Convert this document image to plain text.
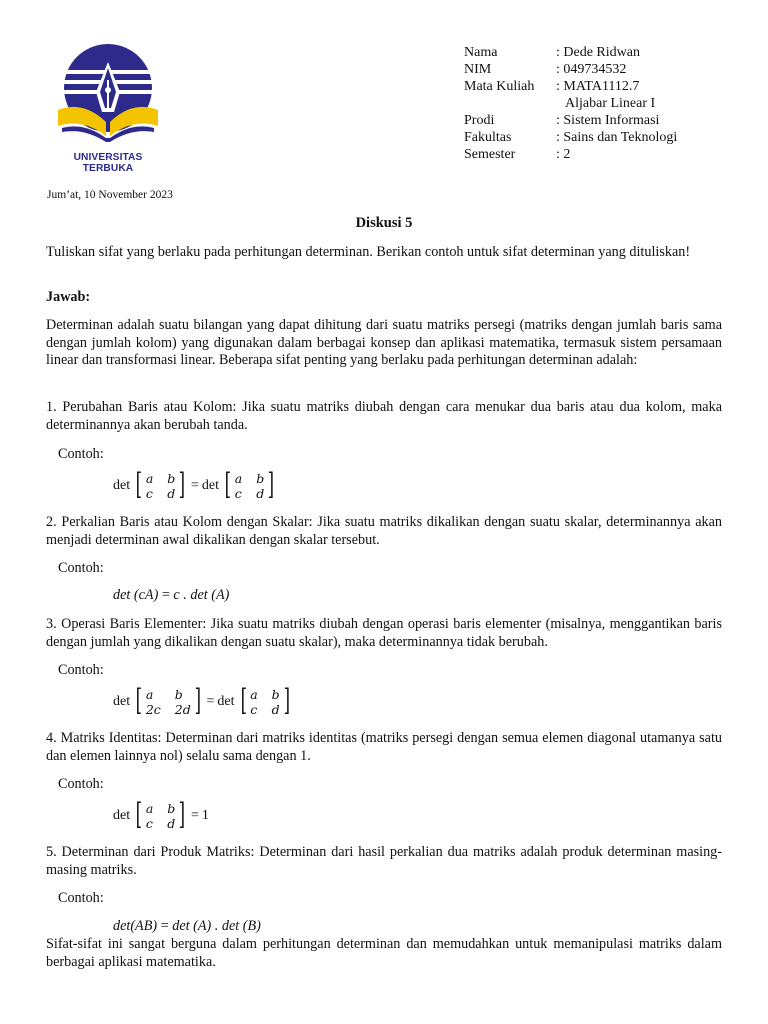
UNIVERSITAS TERBUKA
Nama	: Dede Ridwan
NIM	: 049734532
Mata Kuliah : MATA1112.7
Aljabar Linear I
Prodi	: Sistem Informasi
Fakultas	: Sains dan Teknologi
Semester	: 2
Jum’at, 10 November 2023
Diskusi 5
Tuliskan sifat yang berlaku pada perhitungan determinan. Berikan contoh untuk sifat determinan yang dituliskan!
Jawab:
Determinan adalah suatu bilangan yang dapat dihitung dari suatu matriks persegi (matriks dengan jumlah baris sama dengan jumlah kolom) yang digunakan dalam berbagai konsep dan aplikasi matematika, termasuk sistem persamaan linear dan transformasi linear. Beberapa sifat penting yang berlaku pada perhitungan determinan adalah:
1. Perubahan Baris atau Kolom: Jika suatu matriks diubah dengan cara menukar dua baris atau dua kolom, maka determinannya akan berubah tanda.
Contoh:
det [ a b
c d ] = det [ a b
c d ]
2. Perkalian Baris atau Kolom dengan Skalar: Jika suatu matriks dikalikan dengan suatu skalar, determinannya akan menjadi determinan awal dikalikan dengan skalar tersebut.
Contoh:
det (cA) = c . det (A)
3. Operasi Baris Elementer: Jika suatu matriks diubah dengan operasi baris elementer (misalnya, menggantikan baris dengan jumlah yang dikalikan dengan suatu skalar), maka determinannya tidak berubah.
Contoh:
det [ a	b
2c 2d ] = det [ a b
c d ]
4. Matriks Identitas: Determinan dari matriks identitas (matriks persegi dengan semua elemen diagonal utamanya satu dan elemen lainnya nol) selalu sama dengan 1.
Contoh:
det [ a b
c d ] = 1
5. Determinan dari Produk Matriks: Determinan dari hasil perkalian dua matriks adalah produk determinan masing-masing matriks.
Contoh:
det(AB) = det (A) . det (B)
Sifat-sifat ini sangat berguna dalam perhitungan determinan dan memudahkan untuk memanipulasi matriks dalam berbagai aplikasi matematika.
